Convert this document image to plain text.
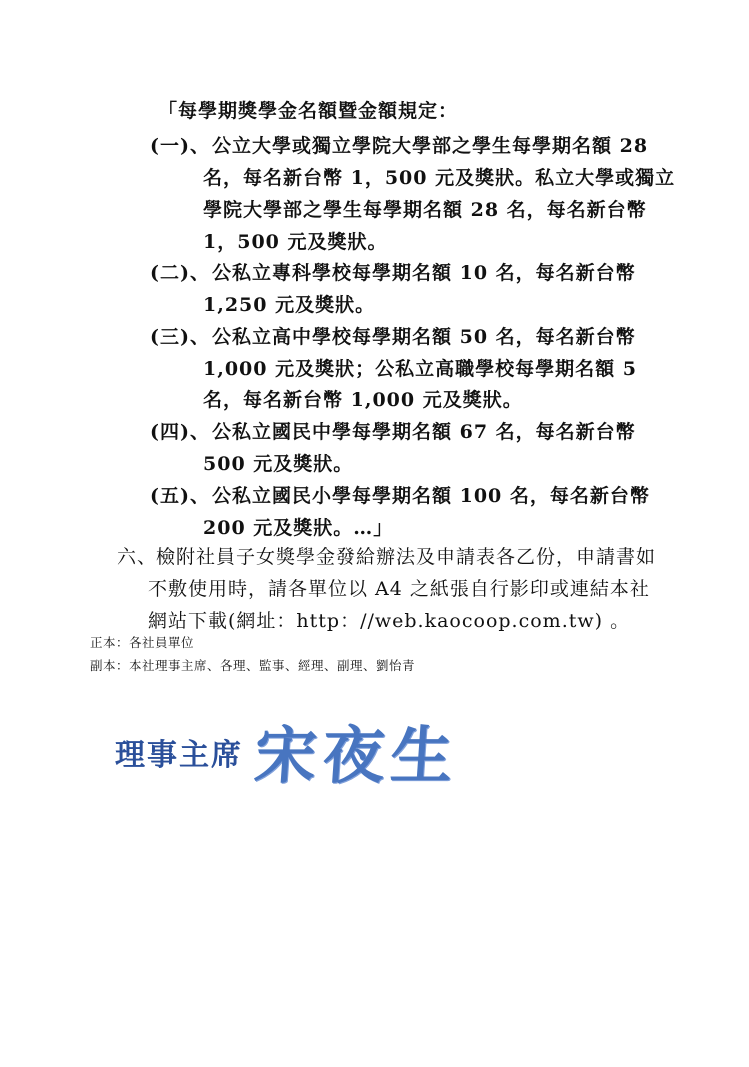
「每學期獎學金名額暨金額規定：
(一)、 公立大學或獨立學院大學部之學生每學期名額 28
名，每名新台幣 1，500 元及獎狀。私立大學或獨立
學院大學部之學生每學期名額 28 名，每名新台幣
1，500 元及獎狀。
(二)、 公私立專科學校每學期名額 10 名，每名新台幣
1,250 元及獎狀。
(三)、 公私立高中學校每學期名額 50 名，每名新台幣
1,000 元及獎狀；公私立高職學校每學期名額 5
名，每名新台幣 1,000 元及獎狀。
(四)、 公私立國民中學每學期名額 67 名，每名新台幣
500 元及獎狀。
(五)、 公私立國民小學每學期名額 100 名，每名新台幣
200 元及獎狀。…」
六、
檢附社員子女獎學金發給辦法及申請表各乙份，申請書如
不敷使用時，請各單位以 A4 之紙張自行影印或連結本社
網站下載(網址：http：//web.kaocoop.com.tw) 。
正本：各社員單位
副本：本社理事主席、各理、監事、經理、副理、劉怡青
理事主席 宋夜生
